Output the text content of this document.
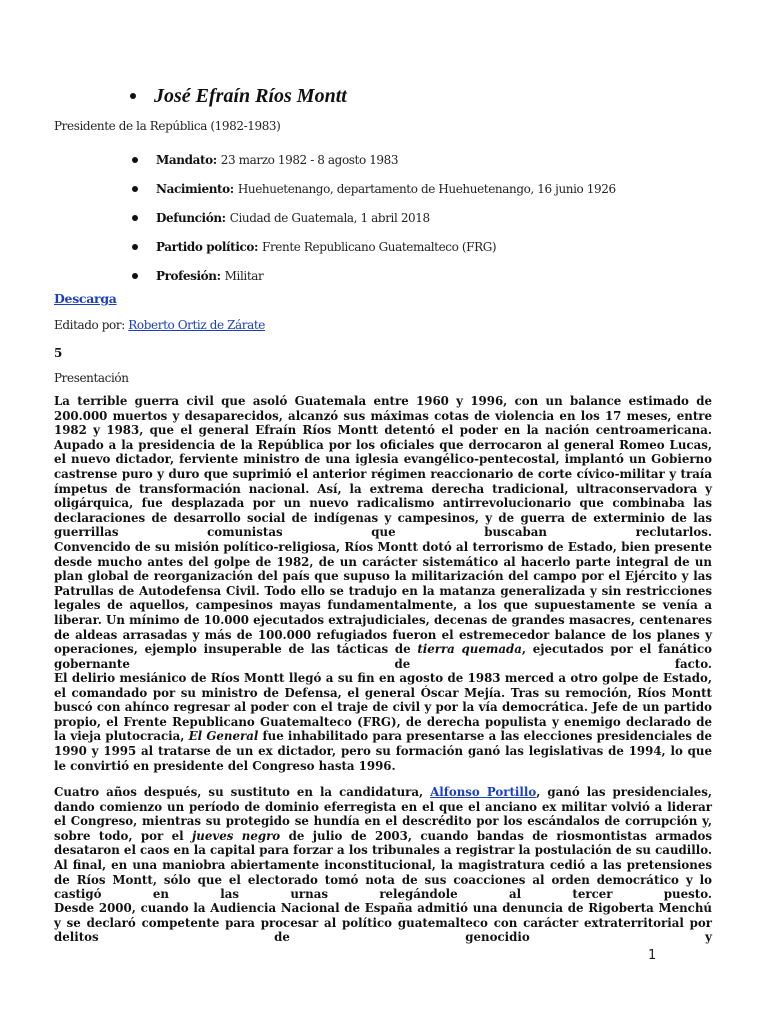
José Efraín Ríos Montt
Presidente de la República (1982-1983)
Mandato: 23 marzo 1982 - 8 agosto 1983
Nacimiento: Huehuetenango, departamento de Huehuetenango, 16 junio 1926
Defunción: Ciudad de Guatemala, 1 abril 2018
Partido político: Frente Republicano Guatemalteco (FRG)
Profesión: Militar
Descarga
Editado por: Roberto Ortiz de Zárate
5
Presentación

La terrible guerra civil que asoló Guatemala entre 1960 y 1996, con un balance estimado de 200.000 muertos y desaparecidos, alcanzó sus máximas cotas de violencia en los 17 meses, entre 1982 y 1983, que el general Efraín Ríos Montt detentó el poder en la nación centroamericana. Aupado a la presidencia de la República por los oficiales que derrocaron al general Romeo Lucas, el nuevo dictador, ferviente ministro de una iglesia evangélico-pentecostal, implantó un Gobierno castrense puro y duro que suprimió el anterior régimen reaccionario de corte cívico-militar y traía ímpetus de transformación nacional. Así, la extrema derecha tradicional, ultraconservadora y oligárquica, fue desplazada por un nuevo radicalismo antirrevolucionario que combinaba las declaraciones de desarrollo social de indígenas y campesinos, y de guerra de exterminio de las guerrillas comunistas que buscaban reclutarlos.

Convencido de su misión político-religiosa, Ríos Montt dotó al terrorismo de Estado, bien presente desde mucho antes del golpe de 1982, de un carácter sistemático al hacerlo parte integral de un plan global de reorganización del país que supuso la militarización del campo por el Ejército y las Patrullas de Autodefensa Civil. Todo ello se tradujo en la matanza generalizada y sin restricciones legales de aquellos, campesinos mayas fundamentalmente, a los que supuestamente se venía a liberar. Un mínimo de 10.000 ejecutados extrajudiciales, decenas de grandes masacres, centenares de aldeas arrasadas y más de 100.000 refugiados fueron el estremecedor balance de los planes y operaciones, ejemplo insuperable de las tácticas de tierra quemada, ejecutados por el fanático gobernante de facto.

El delirio mesiánico de Ríos Montt llegó a su fin en agosto de 1983 merced a otro golpe de Estado, el comandado por su ministro de Defensa, el general Óscar Mejía. Tras su remoción, Ríos Montt buscó con ahínco regresar al poder con el traje de civil y por la vía democrática. Jefe de un partido propio, el Frente Republicano Guatemalteco (FRG), de derecha populista y enemigo declarado de la vieja plutocracia, El General fue inhabilitado para presentarse a las elecciones presidenciales de 1990 y 1995 al tratarse de un ex dictador, pero su formación ganó las legislativas de 1994, lo que le convirtió en presidente del Congreso hasta 1996.

Cuatro años después, su sustituto en la candidatura, Alfonso Portillo, ganó las presidenciales, dando comienzo un período de dominio eferregista en el que el anciano ex militar volvió a liderar el Congreso, mientras su protegido se hundía en el descrédito por los escándalos de corrupción y, sobre todo, por el jueves negro de julio de 2003, cuando bandas de riosmontistas armados desataron el caos en la capital para forzar a los tribunales a registrar la postulación de su caudillo. Al final, en una maniobra abiertamente inconstitucional, la magistratura cedió a las pretensiones de Ríos Montt, sólo que el electorado tomó nota de sus coacciones al orden democrático y lo castigó en las urnas relegándole al tercer puesto.

Desde 2000, cuando la Audiencia Nacional de España admitió una denuncia de Rigoberta Menchú y se declaró competente para procesar al político guatemalteco con carácter extraterritorial por delitos de genocidio y

1
